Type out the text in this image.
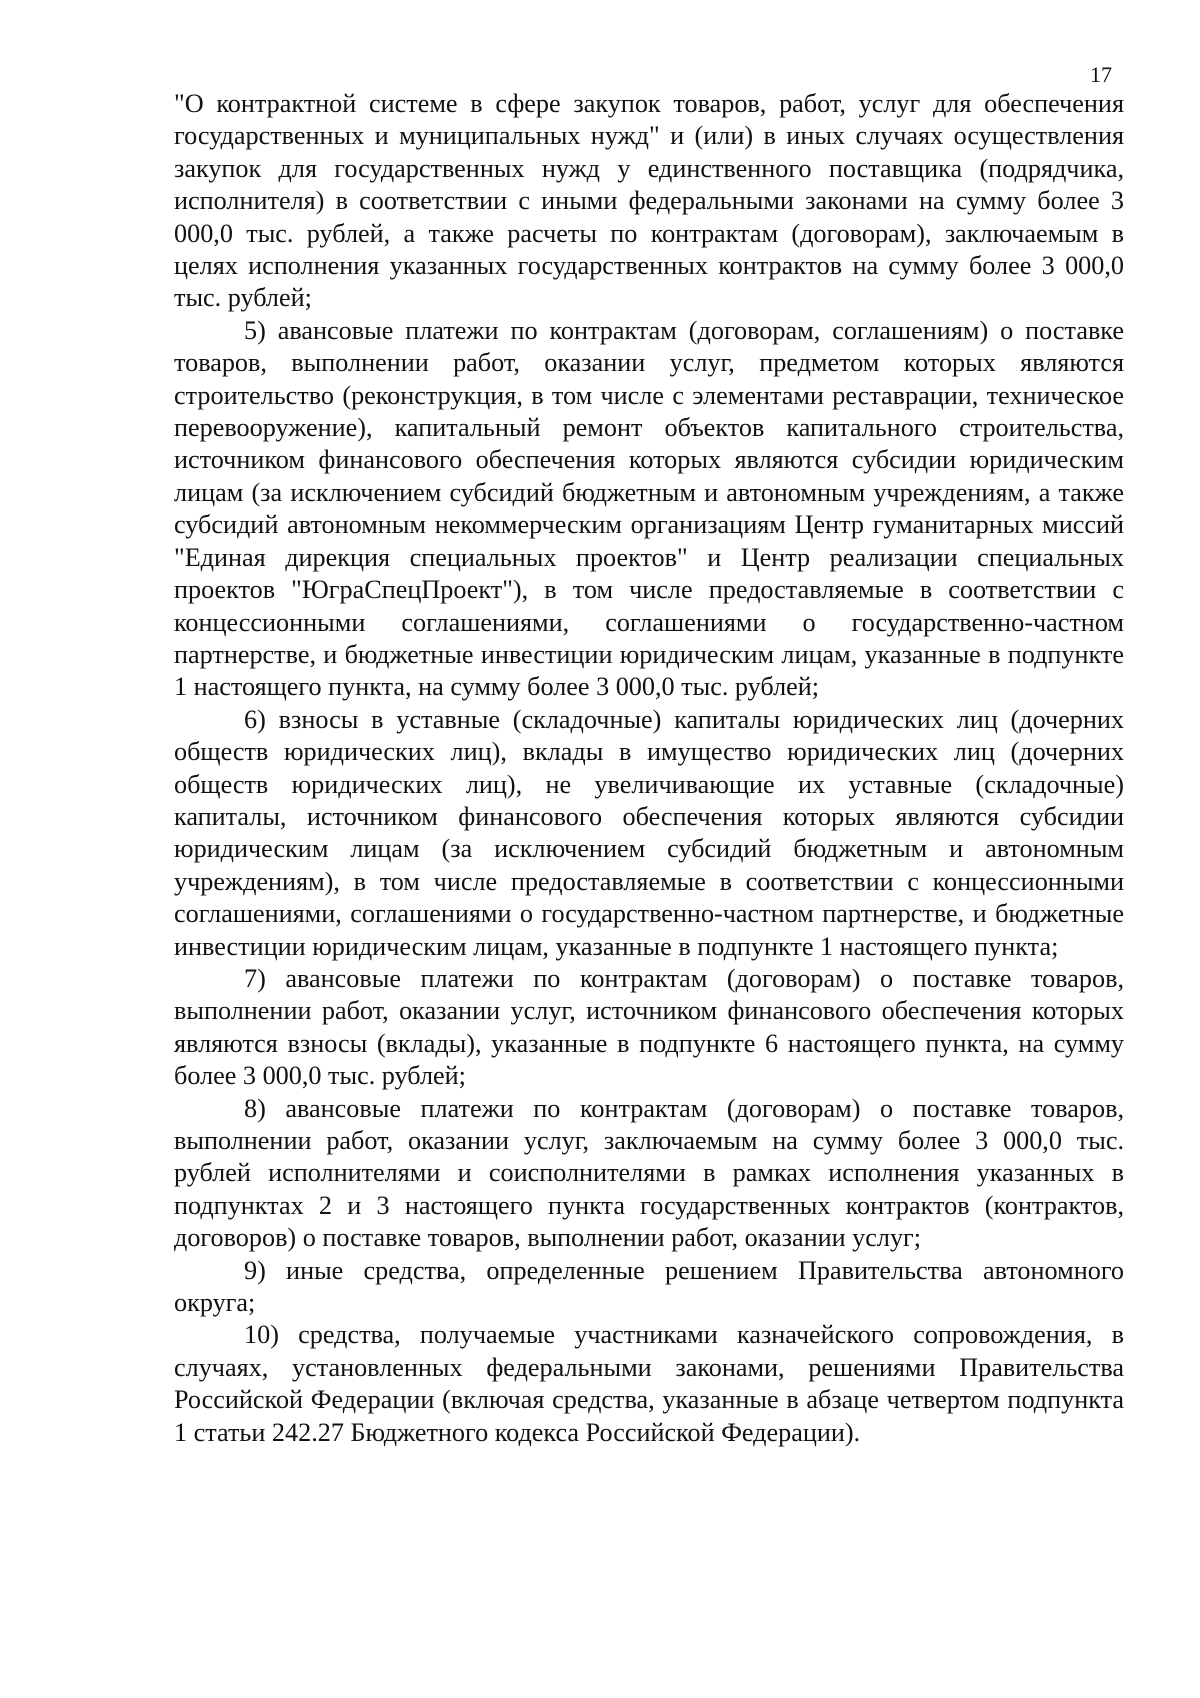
17

"О контрактной системе в сфере закупок товаров, работ, услуг для обеспечения государственных и муниципальных нужд" и (или) в иных случаях осуществления закупок для государственных нужд у единственного поставщика (подрядчика, исполнителя) в соответствии с иными федеральными законами на сумму более 3 000,0 тыс. рублей, а также расчеты по контрактам (договорам), заключаемым в целях исполнения указанных государственных контрактов на сумму более 3 000,0 тыс. рублей;

5) авансовые платежи по контрактам (договорам, соглашениям) о поставке товаров, выполнении работ, оказании услуг, предметом которых являются строительство (реконструкция, в том числе с элементами реставрации, техническое перевооружение), капитальный ремонт объектов капитального строительства, источником финансового обеспечения которых являются субсидии юридическим лицам (за исключением субсидий бюджетным и автономным учреждениям, а также субсидий автономным некоммерческим организациям Центр гуманитарных миссий "Единая дирекция специальных проектов" и Центр реализации специальных проектов "ЮграСпецПроект"), в том числе предоставляемые в соответствии с концессионными соглашениями, соглашениями о государственно-частном партнерстве, и бюджетные инвестиции юридическим лицам, указанные в подпункте 1 настоящего пункта, на сумму более 3 000,0 тыс. рублей;

6) взносы в уставные (складочные) капиталы юридических лиц (дочерних обществ юридических лиц), вклады в имущество юридических лиц (дочерних обществ юридических лиц), не увеличивающие их уставные (складочные) капиталы, источником финансового обеспечения которых являются субсидии юридическим лицам (за исключением субсидий бюджетным и автономным учреждениям), в том числе предоставляемые в соответствии с концессионными соглашениями, соглашениями о государственно-частном партнерстве, и бюджетные инвестиции юридическим лицам, указанные в подпункте 1 настоящего пункта;

7) авансовые платежи по контрактам (договорам) о поставке товаров, выполнении работ, оказании услуг, источником финансового обеспечения которых являются взносы (вклады), указанные в подпункте 6 настоящего пункта, на сумму более 3 000,0 тыс. рублей;

8) авансовые платежи по контрактам (договорам) о поставке товаров, выполнении работ, оказании услуг, заключаемым на сумму более 3 000,0 тыс. рублей исполнителями и соисполнителями в рамках исполнения указанных в подпунктах 2 и 3 настоящего пункта государственных контрактов (контрактов, договоров) о поставке товаров, выполнении работ, оказании услуг;

9) иные средства, определенные решением Правительства автономного округа;

10) средства, получаемые участниками казначейского сопровождения, в случаях, установленных федеральными законами, решениями Правительства Российской Федерации (включая средства, указанные в абзаце четвертом подпункта 1 статьи 242.27 Бюджетного кодекса Российской Федерации).
